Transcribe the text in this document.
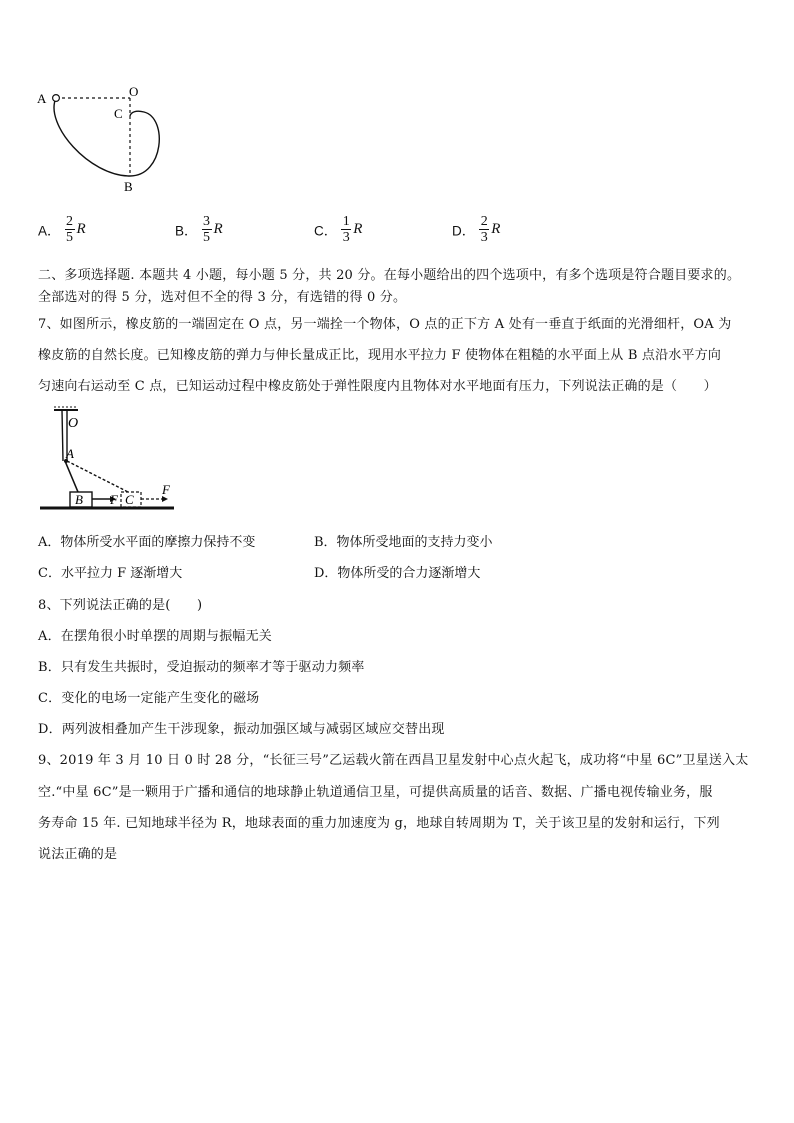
A	O
C
B
A． $\frac{2}{5}$ R	B． $\frac{3}{5}$ R	C． $\frac{1}{3}$ R	D． $\frac{2}{3}$ R
二、多项选择题. 本题共 4 小题，每小题 5 分，共 20 分。在每小题给出的四个选项中，有多个选项是符合题目要求的。
全部选对的得 5 分，选对但不全的得 3 分，有选错的得 0 分。
7、如图所示，橡皮筋的一端固定在 O 点，另一端拴一个物体，O 点的正下方 A 处有一垂直于纸面的光滑细杆，OA 为
橡皮筋的自然长度。已知橡皮筋的弹力与伸长量成正比，现用水平拉力 F 使物体在粗糙的水平面上从 B 点沿水平方向
匀速向右运动至 C 点，已知运动过程中橡皮筋处于弹性限度内且物体对水平地面有压力，下列说法正确的是（　　）
O
A
B F C
F
A．物体所受水平面的摩擦力保持不变	B．物体所受地面的支持力变小
C．水平拉力 F 逐渐增大	D．物体所受的合力逐渐增大
8、下列说法正确的是(　　)
A．在摆角很小时单摆的周期与振幅无关
B．只有发生共振时，受迫振动的频率才等于驱动力频率
C．变化的电场一定能产生变化的磁场
D．两列波相叠加产生干涉现象，振动加强区域与减弱区域应交替出现
9、2019 年 3 月 10 日 0 时 28 分，“长征三号”乙运载火箭在西昌卫星发射中心点火起飞，成功将“中星 6C”卫星送入太
空.“中星 6C”是一颗用于广播和通信的地球静止轨道通信卫星，可提供高质量的话音、数据、广播电视传输业务，服
务寿命 15 年. 已知地球半径为 R，地球表面的重力加速度为 g，地球自转周期为 T，关于该卫星的发射和运行，下列
说法正确的是
